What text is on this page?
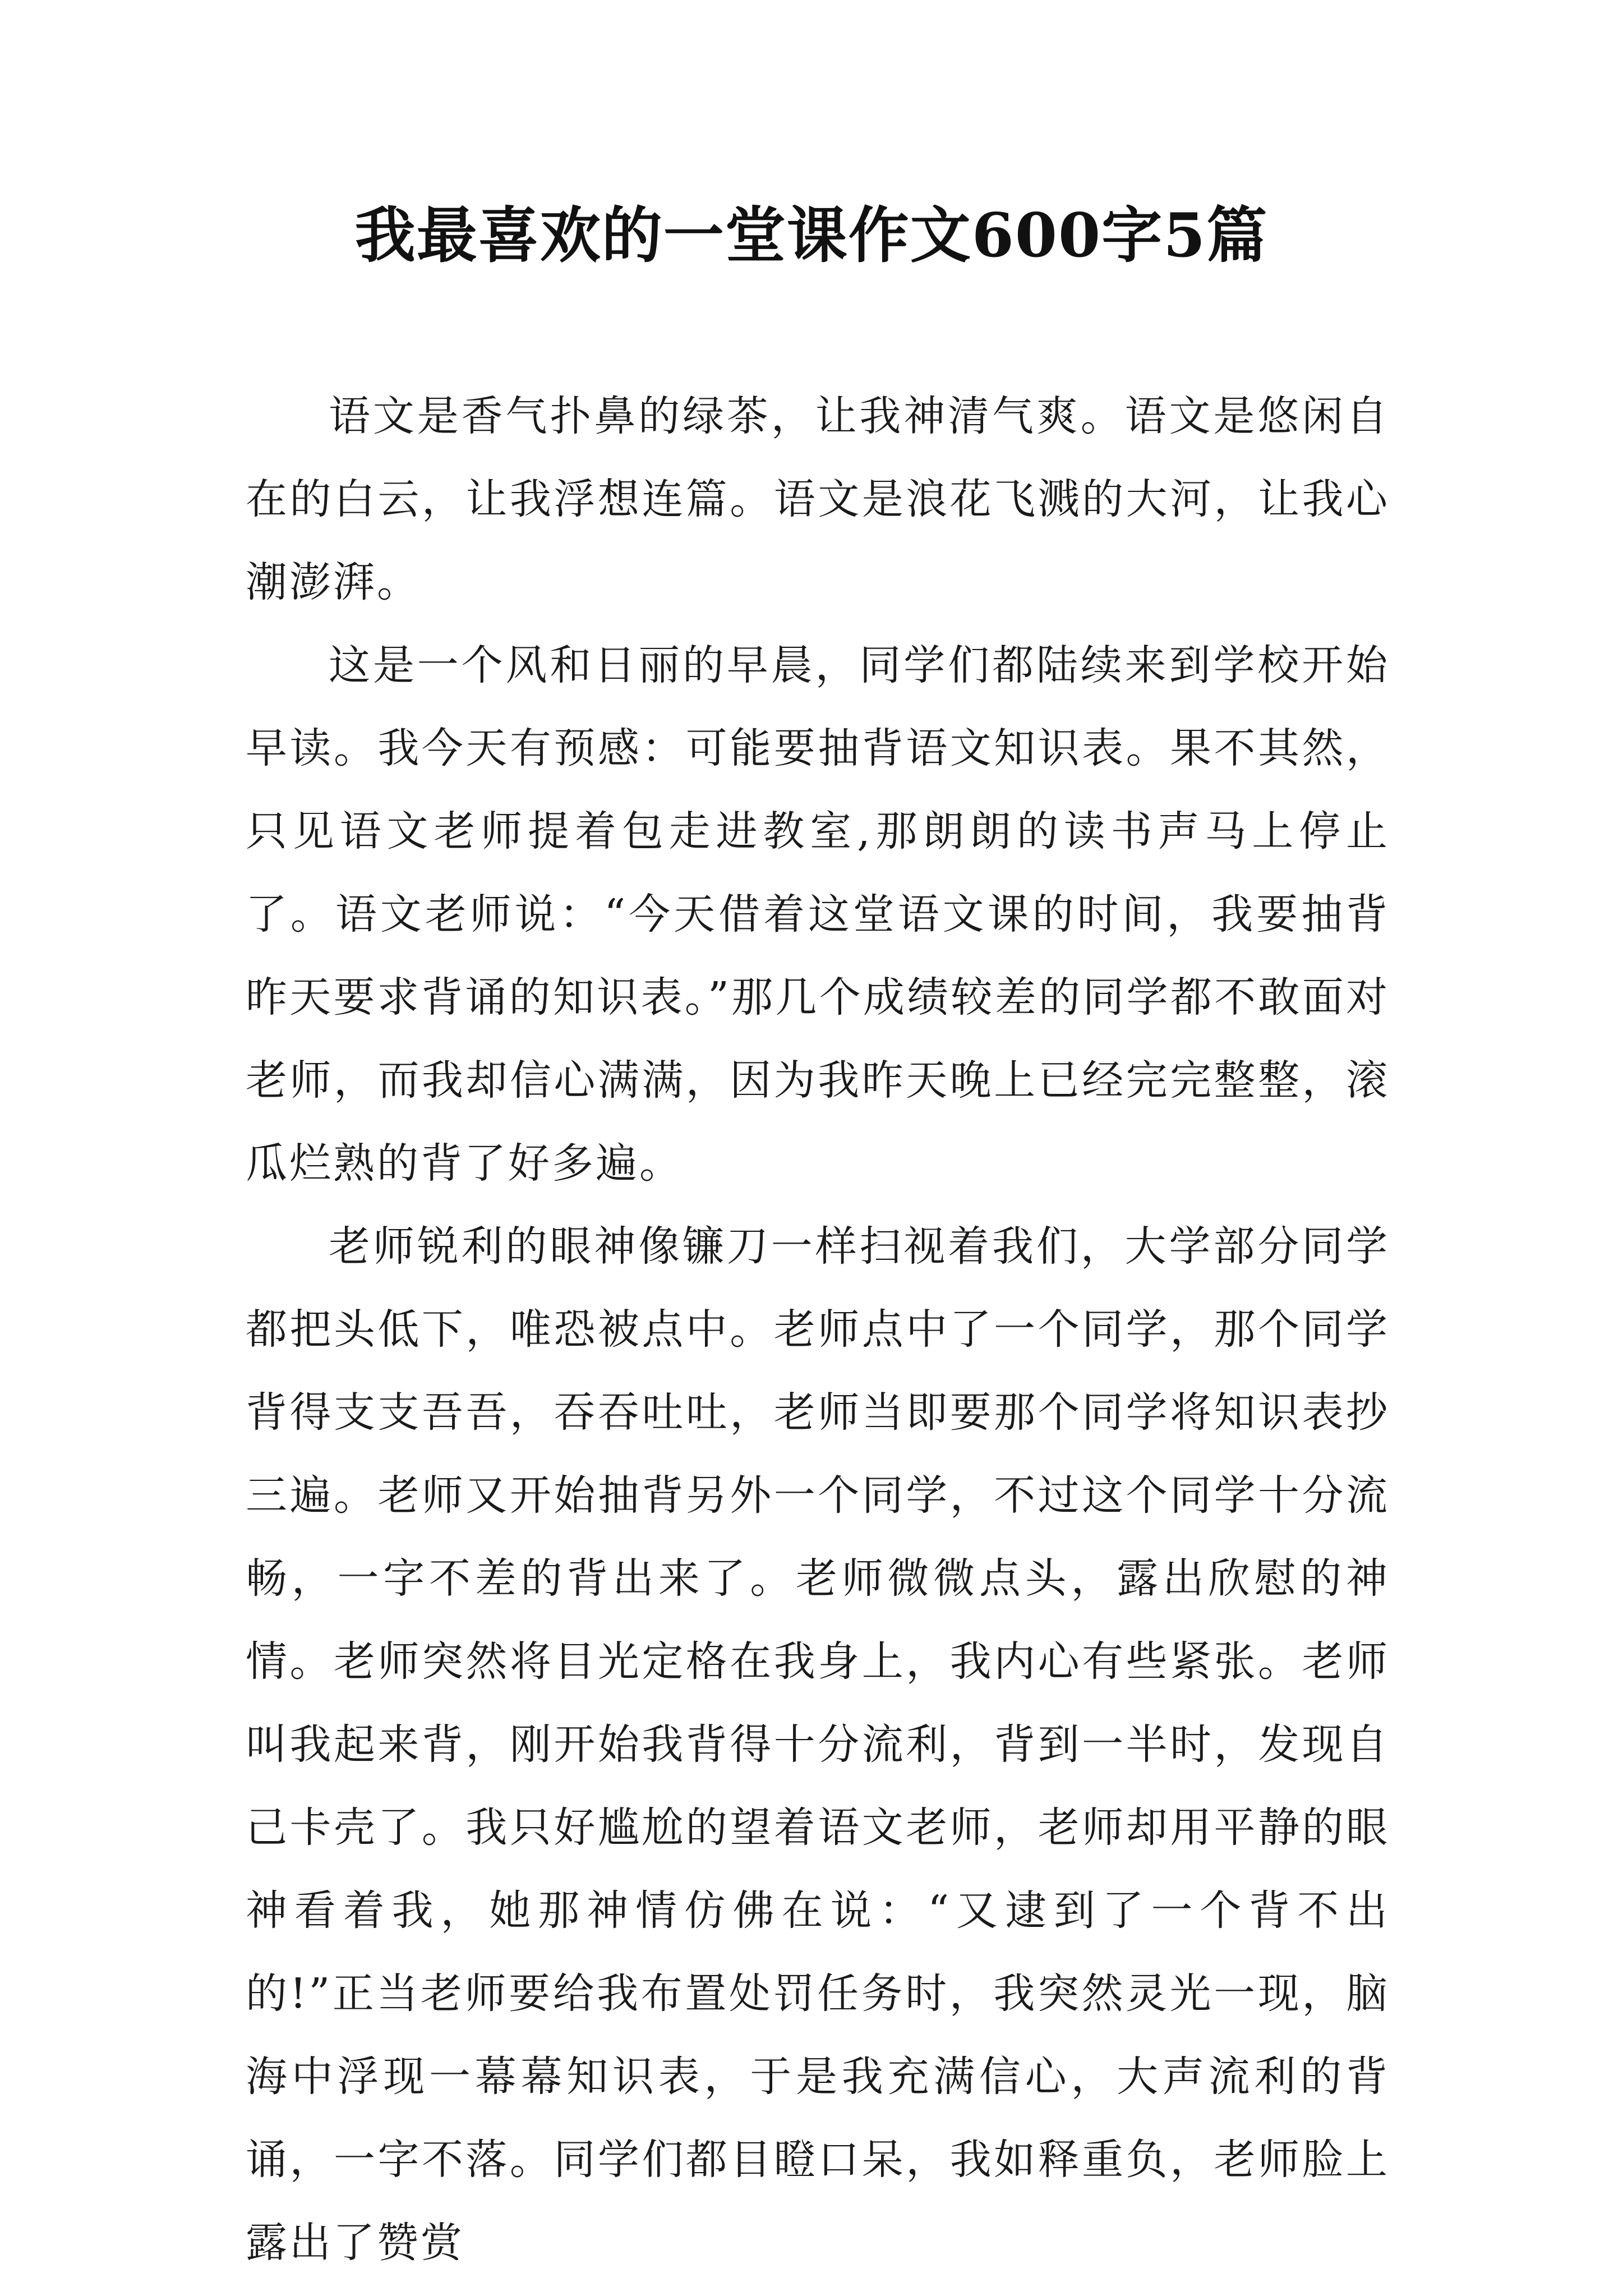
我最喜欢的一堂课作文600字5篇

语文是香气扑鼻的绿茶，让我神清气爽。语文是悠闲自在的白云，让我浮想连篇。语文是浪花飞溅的大河，让我心潮澎湃。

这是一个风和日丽的早晨，同学们都陆续来到学校开始早读。我今天有预感：可能要抽背语文知识表。果不其然，只见语文老师提着包走进教室,那朗朗的读书声马上停止了。语文老师说：“今天借着这堂语文课的时间，我要抽背昨天要求背诵的知识表。”那几个成绩较差的同学都不敢面对老师，而我却信心满满，因为我昨天晚上已经完完整整，滚瓜烂熟的背了好多遍。

老师锐利的眼神像镰刀一样扫视着我们，大学部分同学都把头低下，唯恐被点中。老师点中了一个同学，那个同学背得支支吾吾，吞吞吐吐，老师当即要那个同学将知识表抄三遍。老师又开始抽背另外一个同学，不过这个同学十分流畅，一字不差的背出来了。老师微微点头，露出欣慰的神情。老师突然将目光定格在我身上，我内心有些紧张。老师叫我起来背，刚开始我背得十分流利，背到一半时，发现自己卡壳了。我只好尴尬的望着语文老师，老师却用平静的眼神看着我，她那神情仿佛在说：“又逮到了一个背不出的!”正当老师要给我布置处罚任务时，我突然灵光一现，脑海中浮现一幕幕知识表，于是我充满信心，大声流利的背诵，一字不落。同学们都目瞪口呆，我如释重负，老师脸上露出了赞赏
